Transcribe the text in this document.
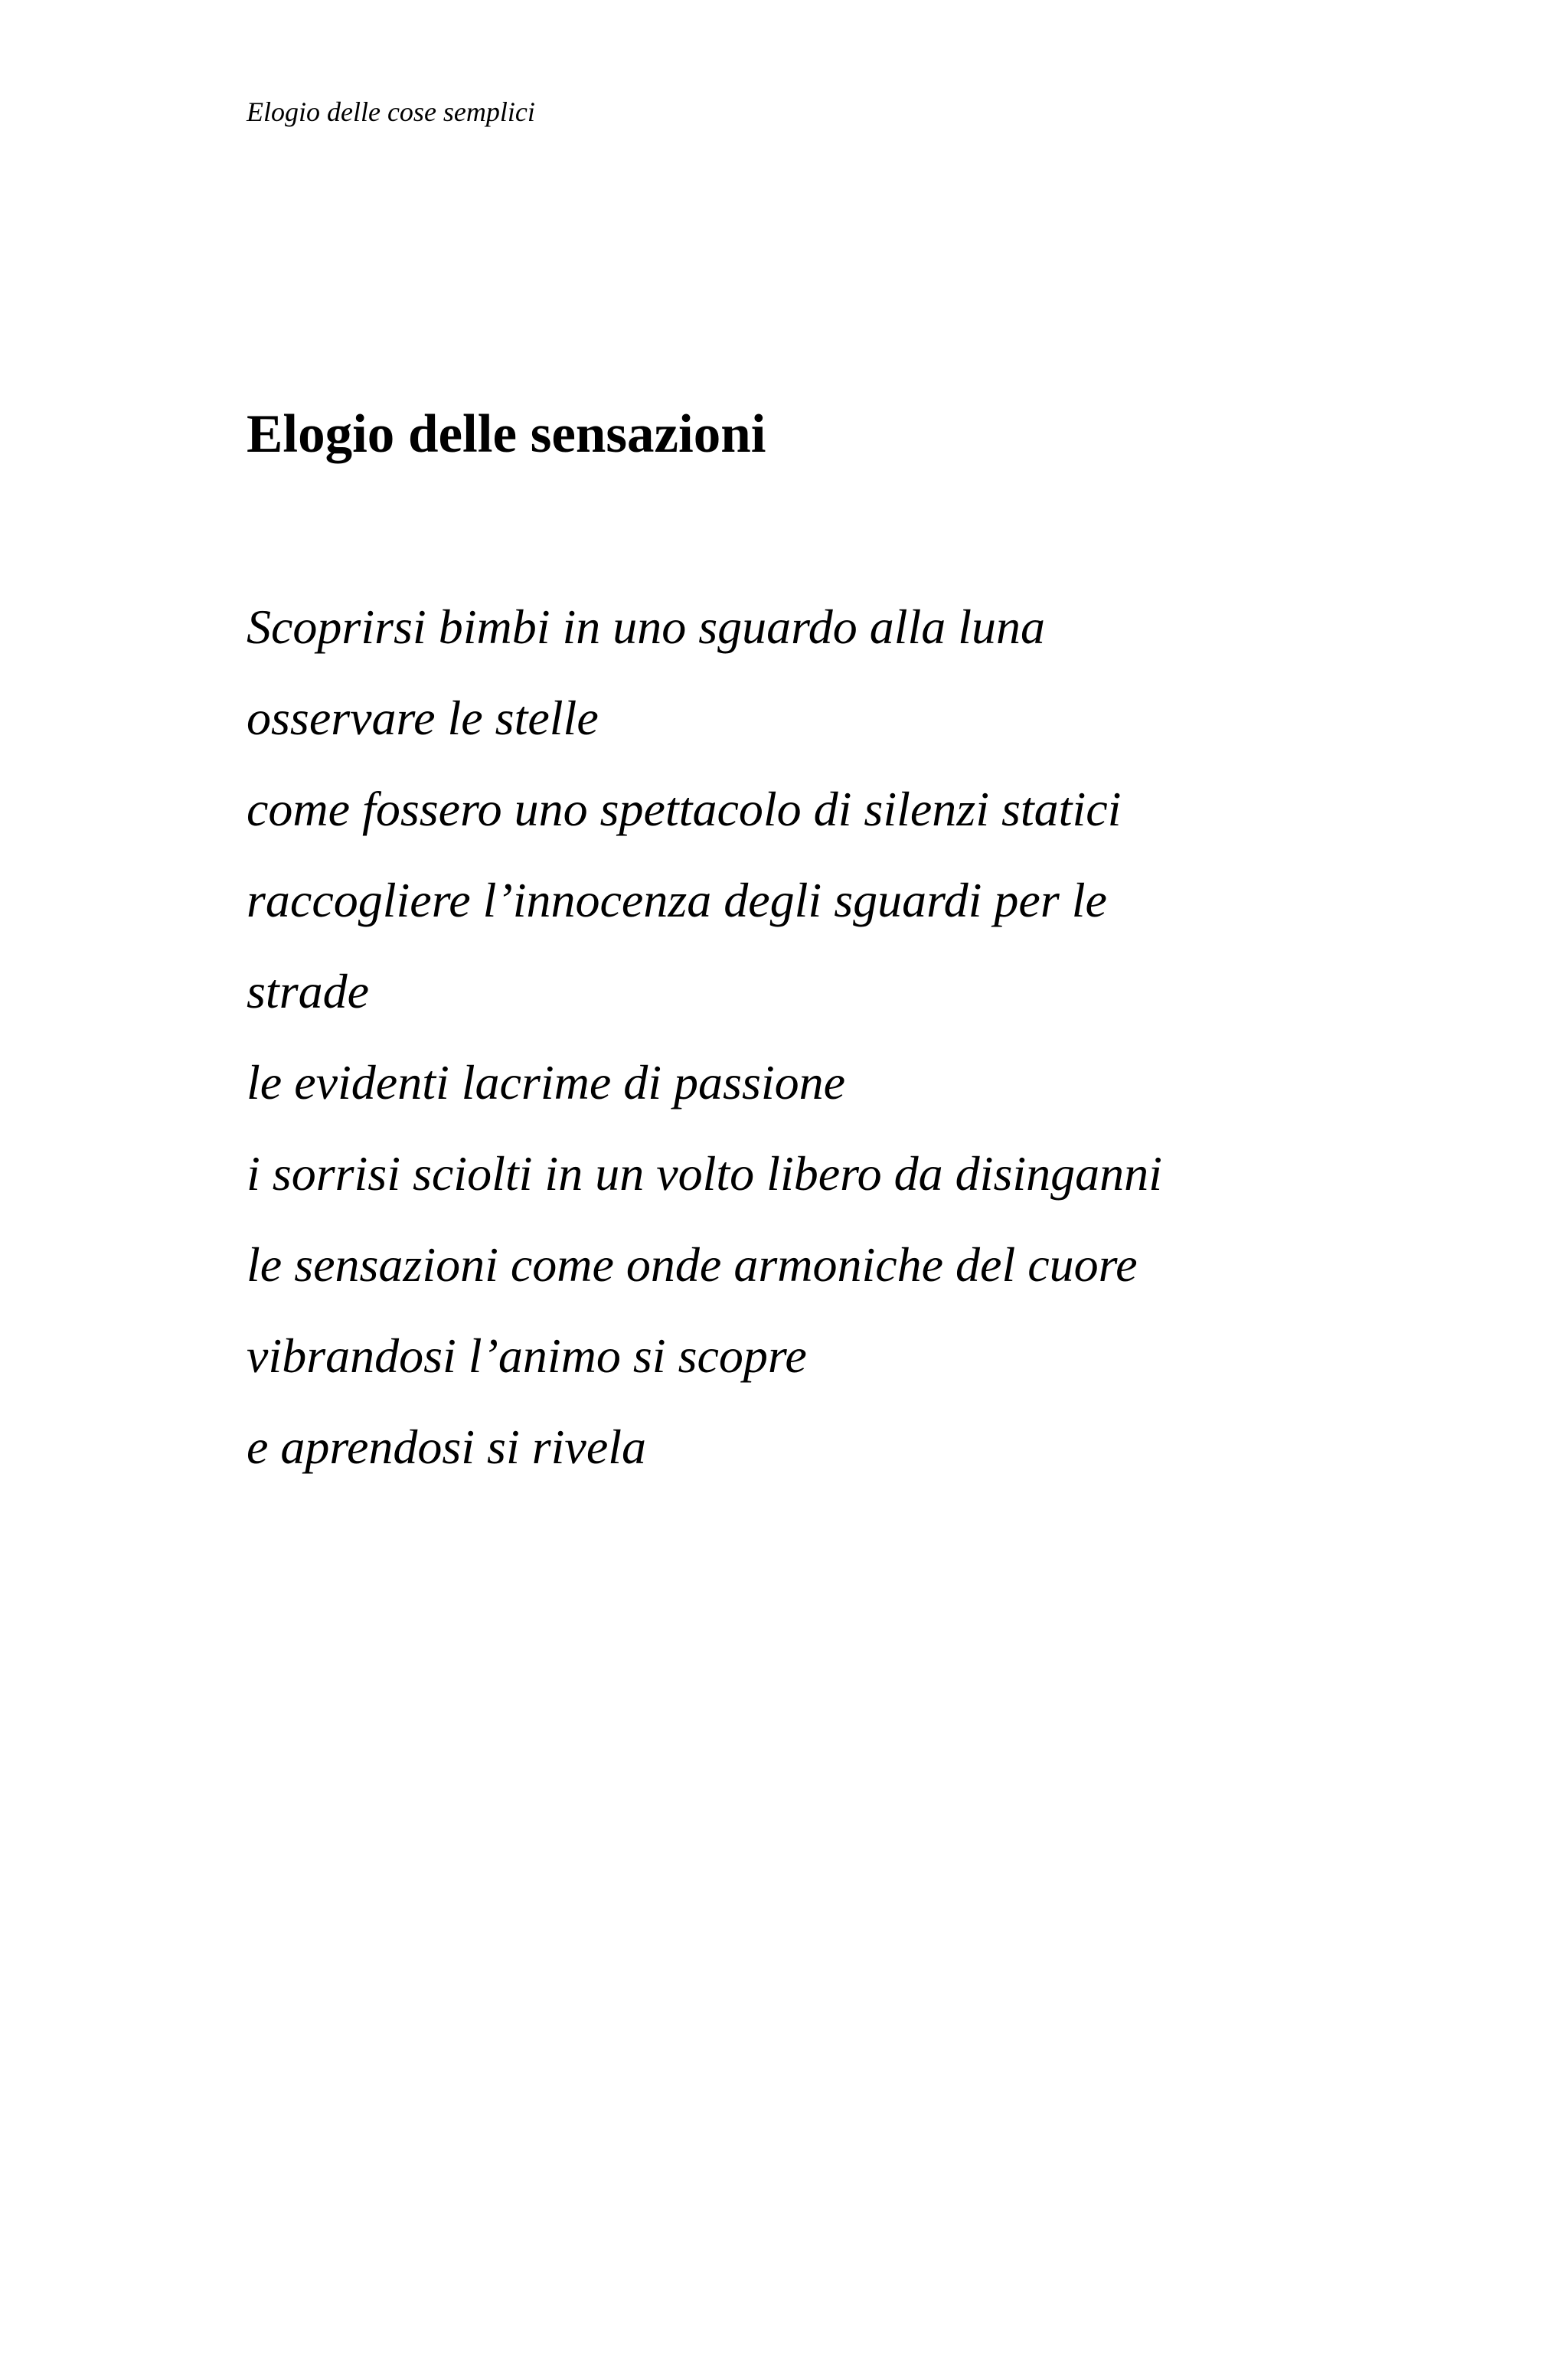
Elogio delle cose semplici
Elogio delle sensazioni
Scoprirsi bimbi in uno sguardo alla luna
osservare le stelle
come fossero uno spettacolo di silenzi statici
raccogliere l’innocenza degli sguardi per le
strade
le evidenti lacrime di passione
i sorrisi sciolti in un volto libero da disinganni
le sensazioni come onde armoniche del cuore
vibrandosi l’animo si scopre
e aprendosi si rivela
